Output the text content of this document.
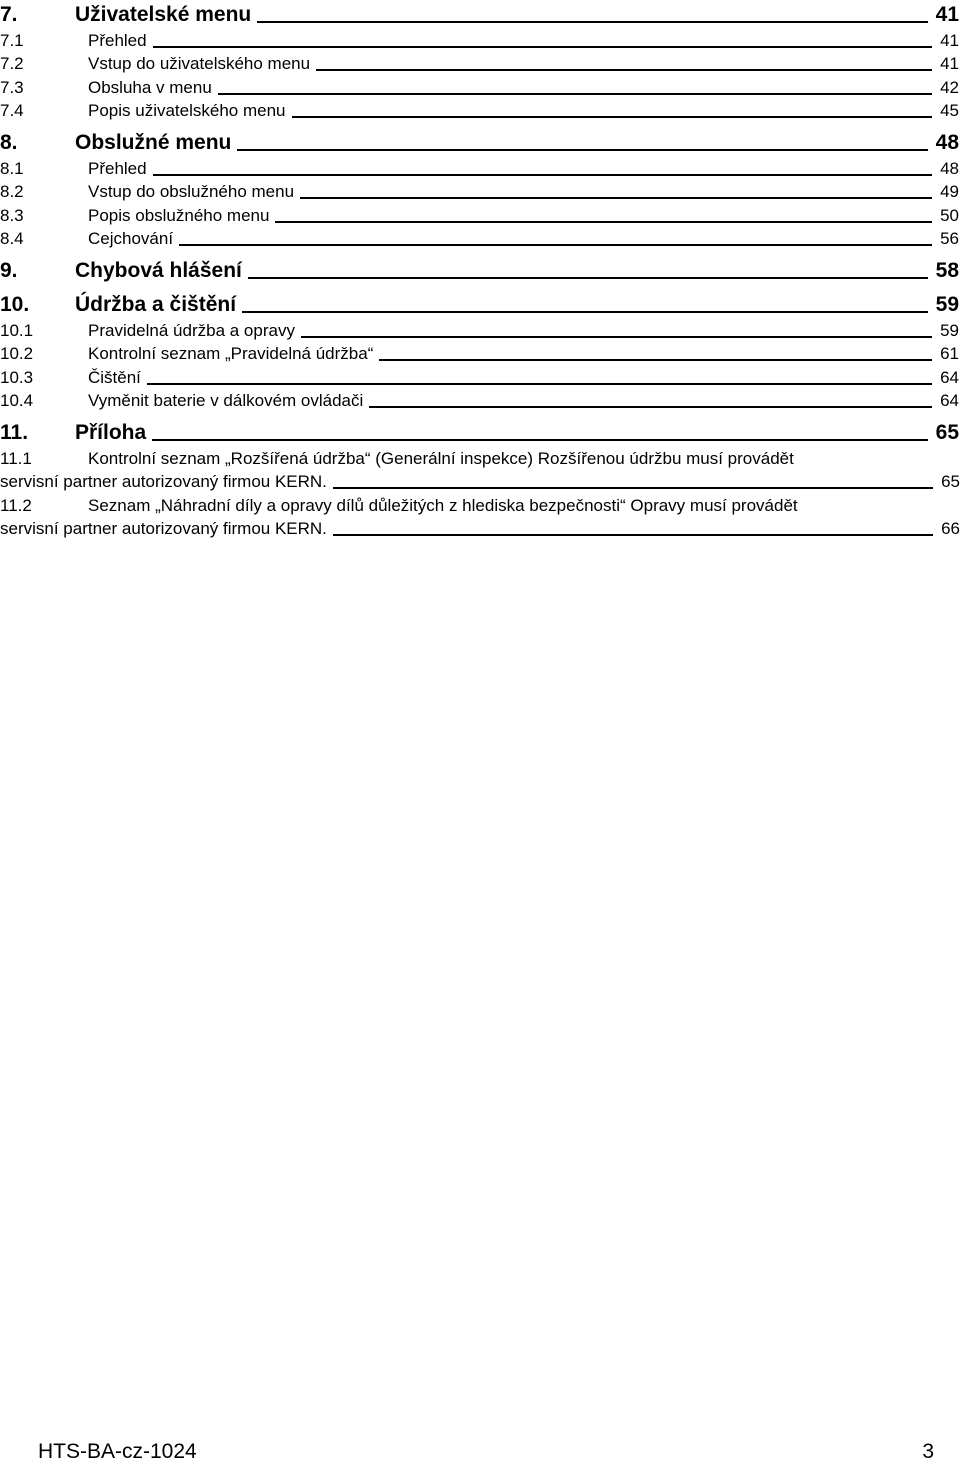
7.	Uživatelské menu	41
7.1	Přehled	41
7.2	Vstup do uživatelského menu	41
7.3	Obsluha v menu	42
7.4	Popis uživatelského menu	45
8.	Obslužné menu	48
8.1	Přehled	48
8.2	Vstup do obslužného menu	49
8.3	Popis obslužného menu	50
8.4	Cejchování	56
9.	Chybová hlášení	58
10.	Údržba a čištění	59
10.1	Pravidelná údržba a opravy	59
10.2	Kontrolní seznam „Pravidelná údržba“	61
10.3	Čištění	64
10.4	Vyměnit baterie v dálkovém ovládači	64
11.	Příloha	65
11.1	Kontrolní seznam „Rozšířená údržba“ (Generální inspekce) Rozšířenou údržbu musí provádět
servisní partner autorizovaný firmou KERN.	65
11.2	Seznam „Náhradní díly a opravy dílů důležitých z hlediska bezpečnosti“ Opravy musí provádět
servisní partner autorizovaný firmou KERN.	66
HTS-BA-cz-1024	3
